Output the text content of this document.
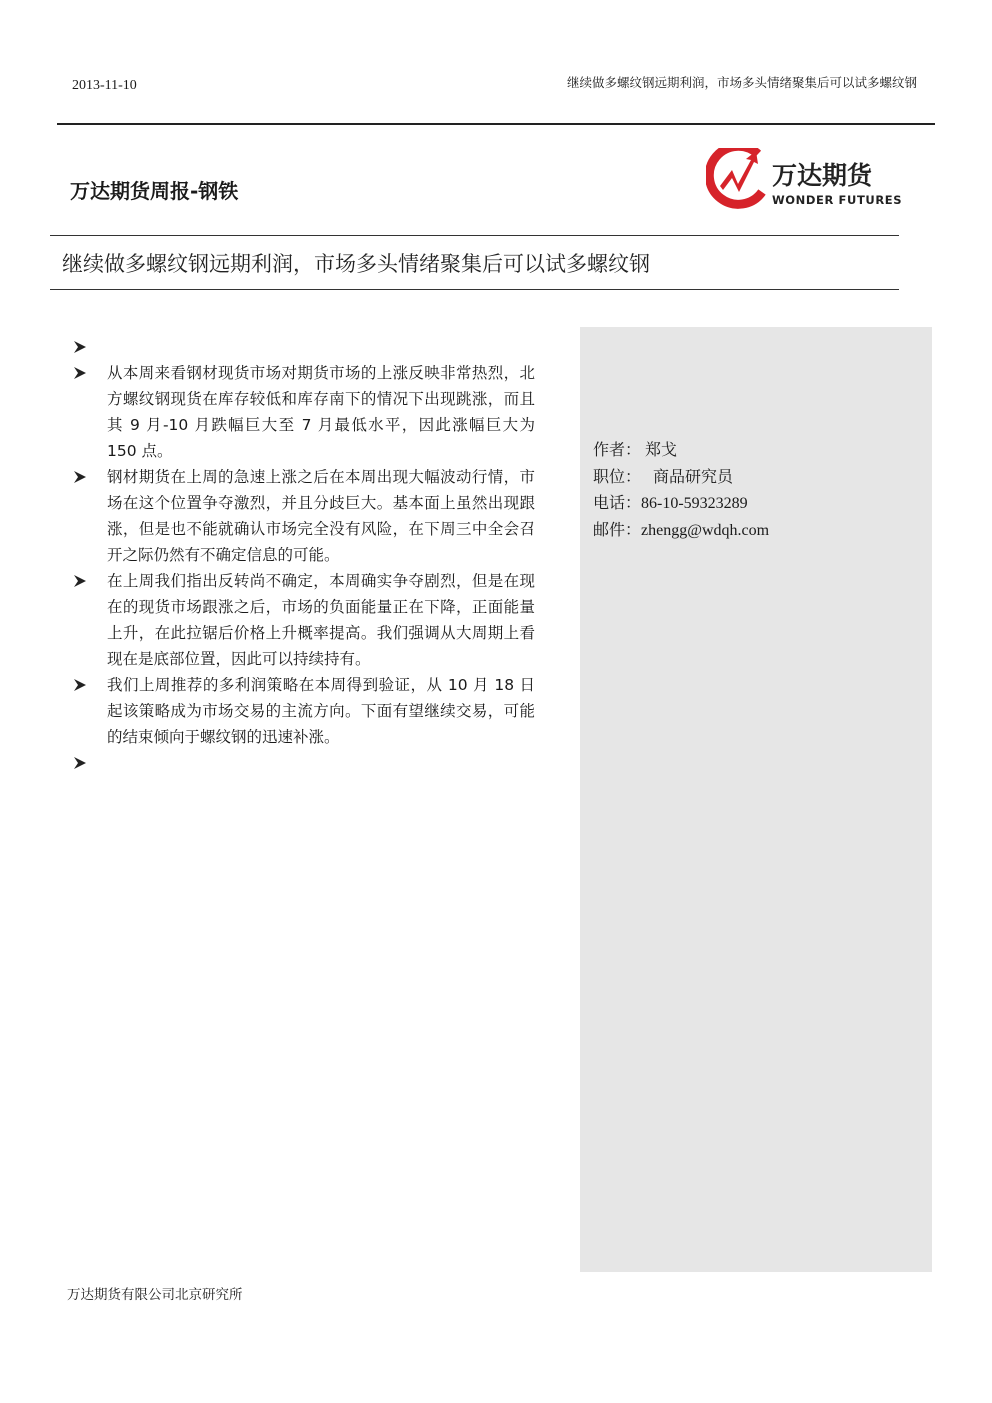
2013-11-10	继续做多螺纹钢远期利润，市场多头情绪聚集后可以试多螺纹钢
万达期货周报-钢铁
万达期货
WONDER FUTURES
继续做多螺纹钢远期利润，市场多头情绪聚集后可以试多螺纹钢
从本周来看钢材现货市场对期货市场的上涨反映非常热烈，北方螺纹钢现货在库存较低和库存南下的情况下出现跳涨，而且其 9 月-10 月跌幅巨大至 7 月最低水平，因此涨幅巨大为 150 点。
钢材期货在上周的急速上涨之后在本周出现大幅波动行情，市场在这个位置争夺激烈，并且分歧巨大。基本面上虽然出现跟涨，但是也不能就确认市场完全没有风险，在下周三中全会召开之际仍然有不确定信息的可能。
在上周我们指出反转尚不确定，本周确实争夺剧烈，但是在现在的现货市场跟涨之后，市场的负面能量正在下降，正面能量上升，在此拉锯后价格上升概率提高。我们强调从大周期上看现在是底部位置，因此可以持续持有。
我们上周推荐的多利润策略在本周得到验证，从 10 月 18 日起该策略成为市场交易的主流方向。下面有望继续交易，可能的结束倾向于螺纹钢的迅速补涨。
作者： 郑戈
职位： 商品研究员
电话：86-10-59323289
邮件：zhengg@wdqh.com
万达期货有限公司北京研究所
